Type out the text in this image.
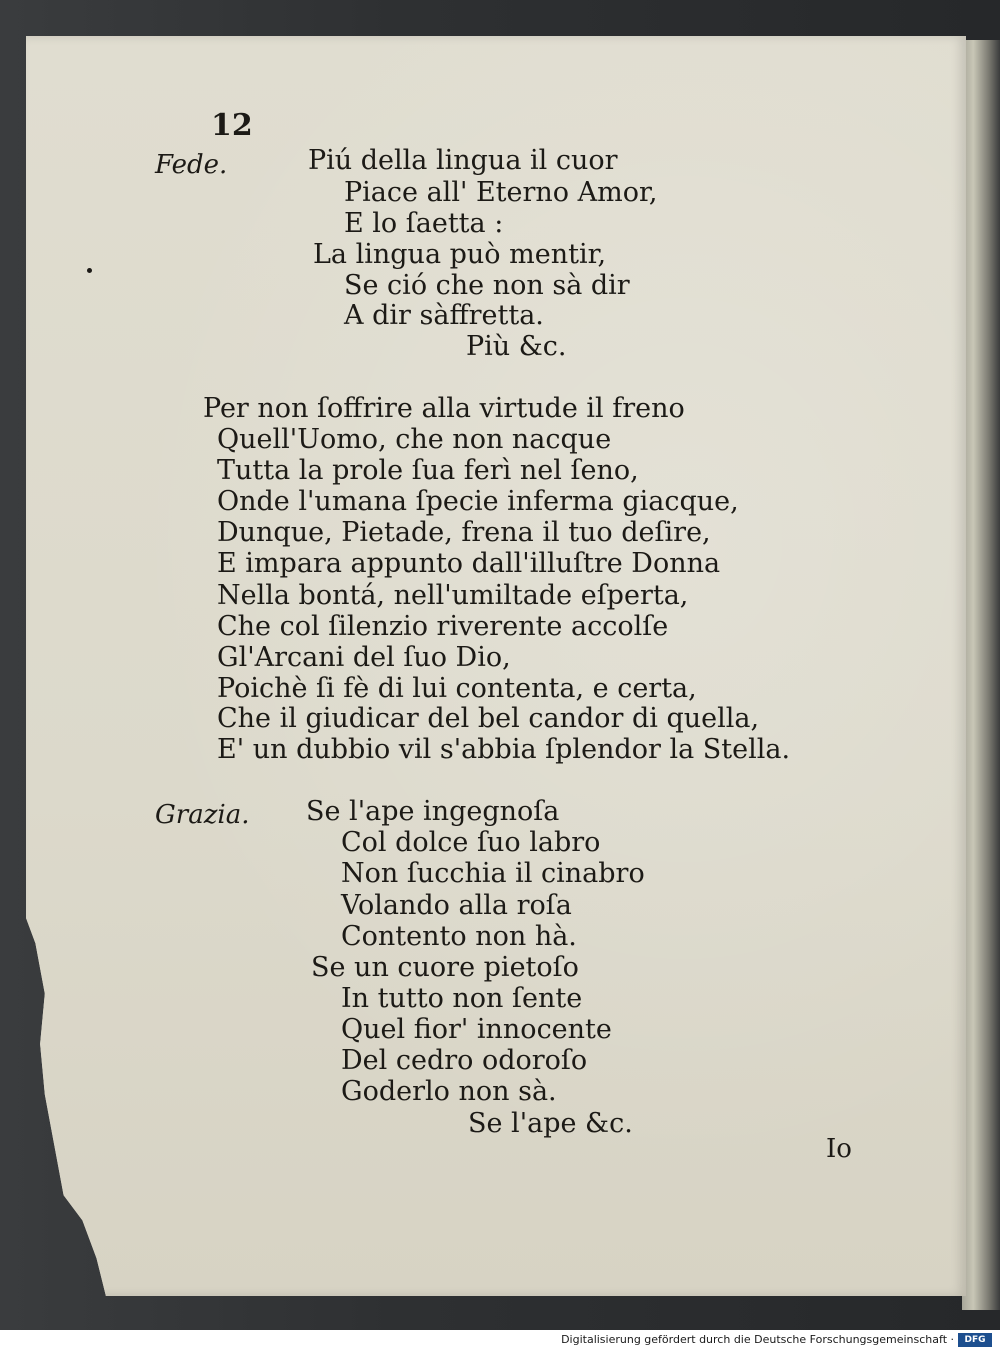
12
Fede.	Piú della lingua il cuor
Piace all' Eterno Amor,
E lo ſaetta :
La lingua può mentir,
Se ció che non sà dir
A dir sàffretta.
Più &c.
Per non ſoffrire alla virtude il freno
Quell'Uomo, che non nacque
Tutta la prole ſua ferì nel ſeno,
Onde l'umana ſpecie inferma giacque,
Dunque, Pietade, frena il tuo deſire,
E impara appunto dall'illuſtre Donna
Nella bontá, nell'umiltade eſperta,
Che col ſilenzio riverente accolſe
Gl'Arcani del ſuo Dio,
Poichè ſi fè di lui contenta, e certa,
Che il giudicar del bel candor di quella,
E' un dubbio vil s'abbia ſplendor la Stella.
Grazia. Se l'ape ingegnoſa
Col dolce ſuo labro
Non ſucchia il cinabro
Volando alla roſa
Contento non hà.
Se un cuore pietoſo
In tutto non ſente
Quel fior' innocente
Del cedro odoroſo
Goderlo non sà.
Se l'ape &c.
Io
Digitalisierung gefördert durch die Deutsche Forschungsgemeinschaft ·	DFG
